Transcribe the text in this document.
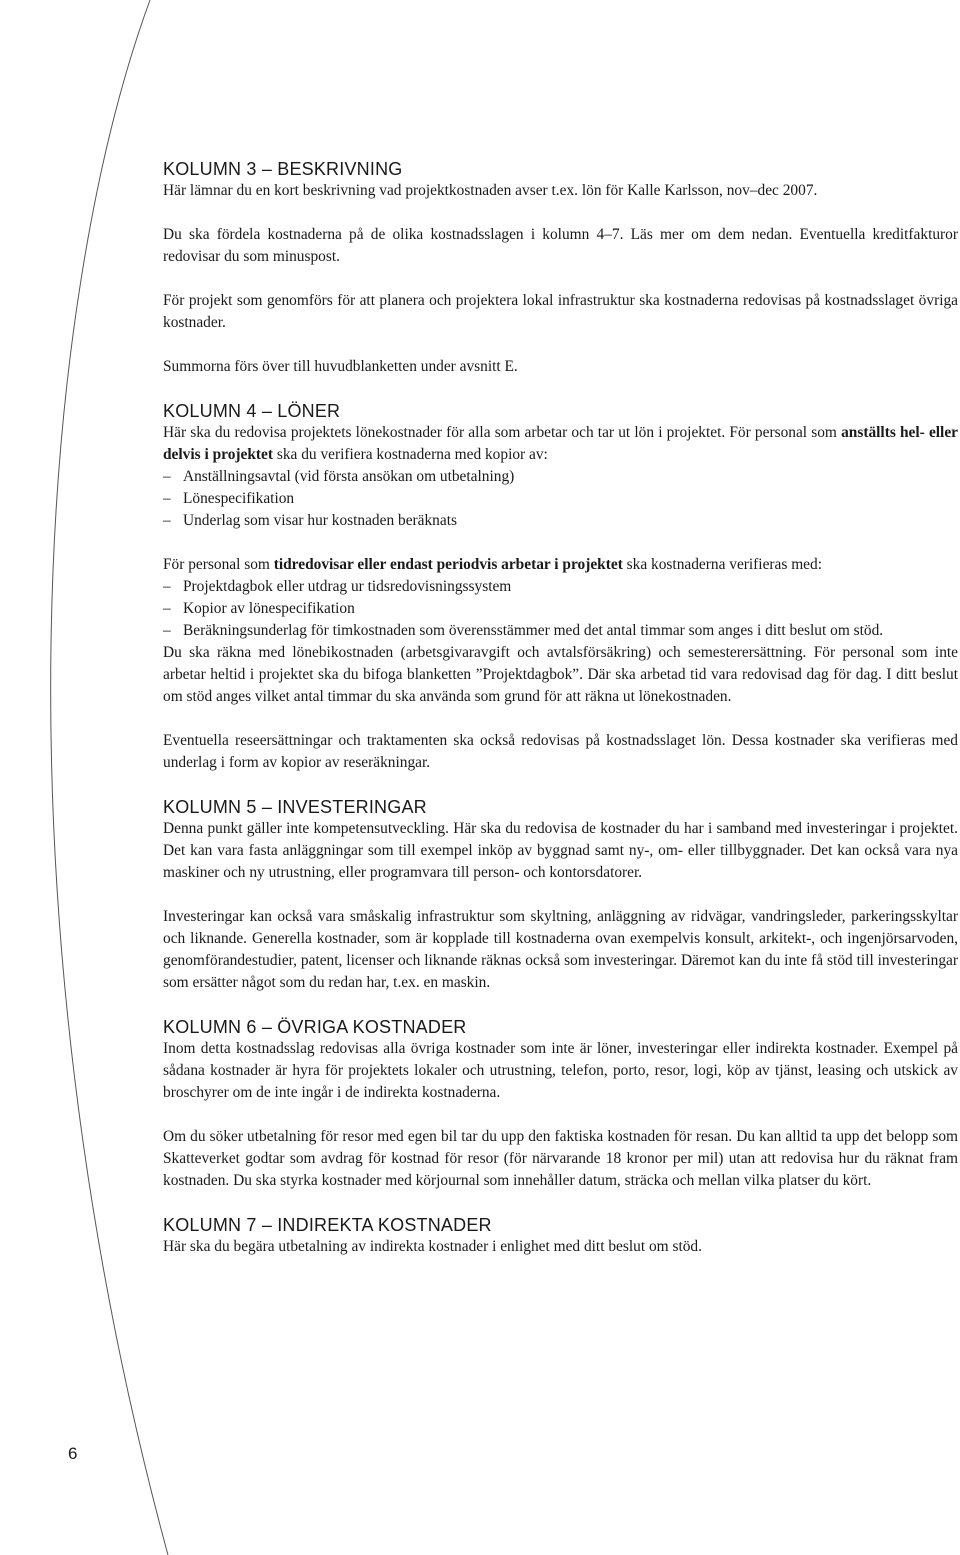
KOLUMN 3 – BESKRIVNING

Här lämnar du en kort beskrivning vad projektkostnaden avser t.ex. lön för Kalle Karlsson, nov–dec 2007.

Du ska fördela kostnaderna på de olika kostnadsslagen i kolumn 4–7. Läs mer om dem nedan. Eventuella kreditfakturor redovisar du som minuspost.

För projekt som genomförs för att planera och projektera lokal infrastruktur ska kostnaderna redovisas på kostnadsslaget övriga kostnader.

Summorna förs över till huvudblanketten under avsnitt E.

KOLUMN 4 – LÖNER

Här ska du redovisa projektets lönekostnader för alla som arbetar och tar ut lön i projektet. För personal som anställts hel- eller delvis i projektet ska du verifiera kostnaderna med kopior av:

– Anställningsavtal (vid första ansökan om utbetalning)
– Lönespecifikation
– Underlag som visar hur kostnaden beräknats

För personal som tidredovisar eller endast periodvis arbetar i projektet ska kostnaderna verifieras med:

– Projektdagbok eller utdrag ur tidsredovisningssystem
– Kopior av lönespecifikation
– Beräkningsunderlag för timkostnaden som överensstämmer med det antal timmar som anges i ditt beslut om stöd.

Du ska räkna med lönebikostnaden (arbetsgivaravgift och avtalsförsäkring) och semesterersättning. För personal som inte arbetar heltid i projektet ska du bifoga blanketten ”Projektdagbok”. Där ska arbetad tid vara redovisad dag för dag. I ditt beslut om stöd anges vilket antal timmar du ska använda som grund för att räkna ut lönekostnaden.

Eventuella reseersättningar och traktamenten ska också redovisas på kostnadsslaget lön. Dessa kostnader ska verifieras med underlag i form av kopior av reseräkningar.

KOLUMN 5 – INVESTERINGAR

Denna punkt gäller inte kompetensutveckling. Här ska du redovisa de kostnader du har i samband med investeringar i projektet. Det kan vara fasta anläggningar som till exempel inköp av byggnad samt ny-, om- eller tillbyggnader. Det kan också vara nya maskiner och ny utrustning, eller programvara till person- och kontorsdatorer.

Investeringar kan också vara småskalig infrastruktur som skyltning, anläggning av ridvägar, vandringsleder, parkeringsskyltar och liknande. Generella kostnader, som är kopplade till kostnaderna ovan exempelvis konsult, arkitekt-, och ingenjörsarvoden, genomförandestudier, patent, licenser och liknande räknas också som investeringar. Däremot kan du inte få stöd till investeringar som ersätter något som du redan har, t.ex. en maskin.

KOLUMN 6 – ÖVRIGA KOSTNADER

Inom detta kostnadsslag redovisas alla övriga kostnader som inte är löner, investeringar eller indirekta kostnader. Exempel på sådana kostnader är hyra för projektets lokaler och utrustning, telefon, porto, resor, logi, köp av tjänst, leasing och utskick av broschyrer om de inte ingår i de indirekta kostnaderna.

Om du söker utbetalning för resor med egen bil tar du upp den faktiska kostnaden för resan. Du kan alltid ta upp det belopp som Skatteverket godtar som avdrag för kostnad för resor (för närvarande 18 kronor per mil) utan att redovisa hur du räknat fram kostnaden. Du ska styrka kostnader med körjournal som innehåller datum, sträcka och mellan vilka platser du kört.

KOLUMN 7 – INDIREKTA KOSTNADER

Här ska du begära utbetalning av indirekta kostnader i enlighet med ditt beslut om stöd.

6
